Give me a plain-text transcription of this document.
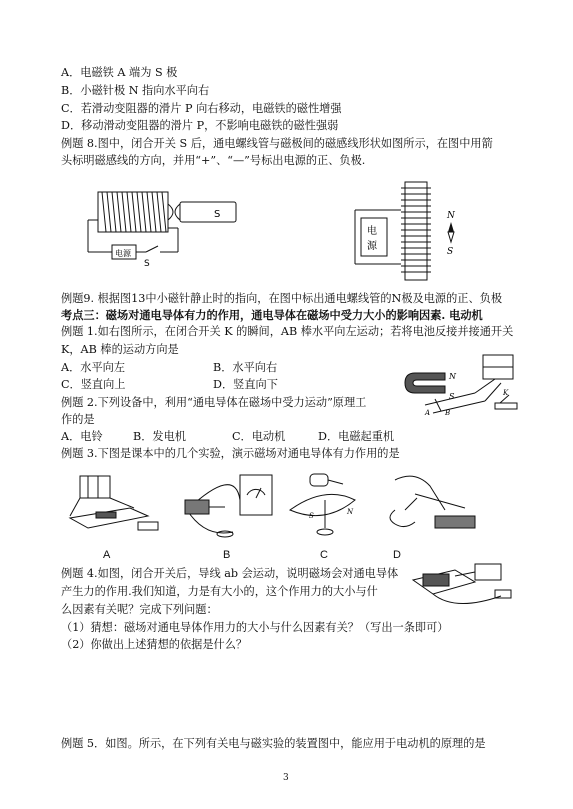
A．电磁铁 A 端为 S 极
B．小磁针极 N 指向水平向右
C．若滑动变阻器的滑片 P 向右移动，电磁铁的磁性增强
D．移动滑动变阻器的滑片 P，不影响电磁铁的磁性强弱
例题 8.图中，闭合开关 S 后，通电螺线管与磁极间的磁感线形状如图所示，在图中用箭
头标明磁感线的方向，并用“+”、“—”号标出电源的正、负极.
S
电源
S
电
源
N
S
例题9. 根据图13中小磁针静止时的指向，在图中标出通电螺线管的N极及电源的正、负极
考点三：磁场对通电导体有力的作用，通电导体在磁场中受力大小的影响因素. 电动机
例题 1.如右图所示，在闭合开关 K 的瞬间，AB 棒水平向左运动；若将电池反接并接通开关
K，AB 棒的运动方向是
A．水平向左	B．水平向右
C．竖直向上	D．竖直向下
N
S
A B
K
例题 2.下列设备中，利用“通电导体在磁场中受力运动”原理工
作的是
A．电铃	B．发电机	C．电动机	D．电磁起重机
例题 3.下图是课本中的几个实验，演示磁场对通电导体有力作用的是
S	N
A	B	C	D
例题 4.如图，闭合开关后，导线 ab 会运动，说明磁场会对通电导体
产生力的作用.我们知道，力是有大小的，这个作用力的大小与什
么因素有关呢？完成下列问题：
（1）猜想：磁场对通电导体作用力的大小与什么因素有关？（写出一条即可）
（2）你做出上述猜想的依据是什么？
例题 5．如图。所示，在下列有关电与磁实验的装置图中，能应用于电动机的原理的是
3
